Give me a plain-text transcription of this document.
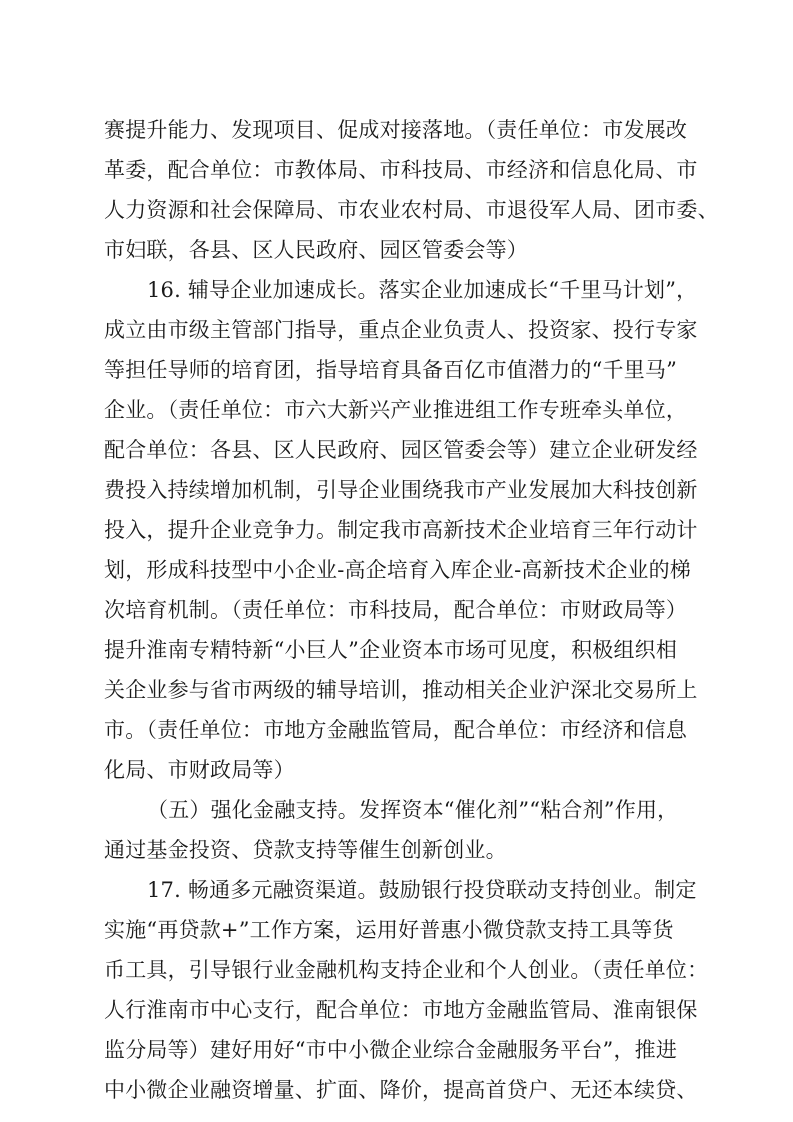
赛提升能力、发现项目、促成对接落地。（责任单位：市发展改
革委，配合单位：市教体局、市科技局、市经济和信息化局、市
人力资源和社会保障局、市农业农村局、市退役军人局、团市委、
市妇联，各县、区人民政府、园区管委会等）
16. 辅导企业加速成长。落实企业加速成长“千里马计划”，
成立由市级主管部门指导，重点企业负责人、投资家、投行专家
等担任导师的培育团，指导培育具备百亿市值潜力的“千里马”
企业。（责任单位：市六大新兴产业推进组工作专班牵头单位，
配合单位：各县、区人民政府、园区管委会等）建立企业研发经
费投入持续增加机制，引导企业围绕我市产业发展加大科技创新
投入，提升企业竞争力。制定我市高新技术企业培育三年行动计
划，形成科技型中小企业-高企培育入库企业-高新技术企业的梯
次培育机制。（责任单位：市科技局，配合单位：市财政局等）
提升淮南专精特新“小巨人”企业资本市场可见度，积极组织相
关企业参与省市两级的辅导培训，推动相关企业沪深北交易所上
市。（责任单位：市地方金融监管局，配合单位：市经济和信息
化局、市财政局等）
（五）强化金融支持。发挥资本“催化剂”“粘合剂”作用，
通过基金投资、贷款支持等催生创新创业。
17. 畅通多元融资渠道。鼓励银行投贷联动支持创业。制定
实施“再贷款+”工作方案，运用好普惠小微贷款支持工具等货
币工具，引导银行业金融机构支持企业和个人创业。（责任单位：
人行淮南市中心支行，配合单位：市地方金融监管局、淮南银保
监分局等）建好用好“市中小微企业综合金融服务平台”，推进
中小微企业融资增量、扩面、降价，提高首贷户、无还本续贷、
